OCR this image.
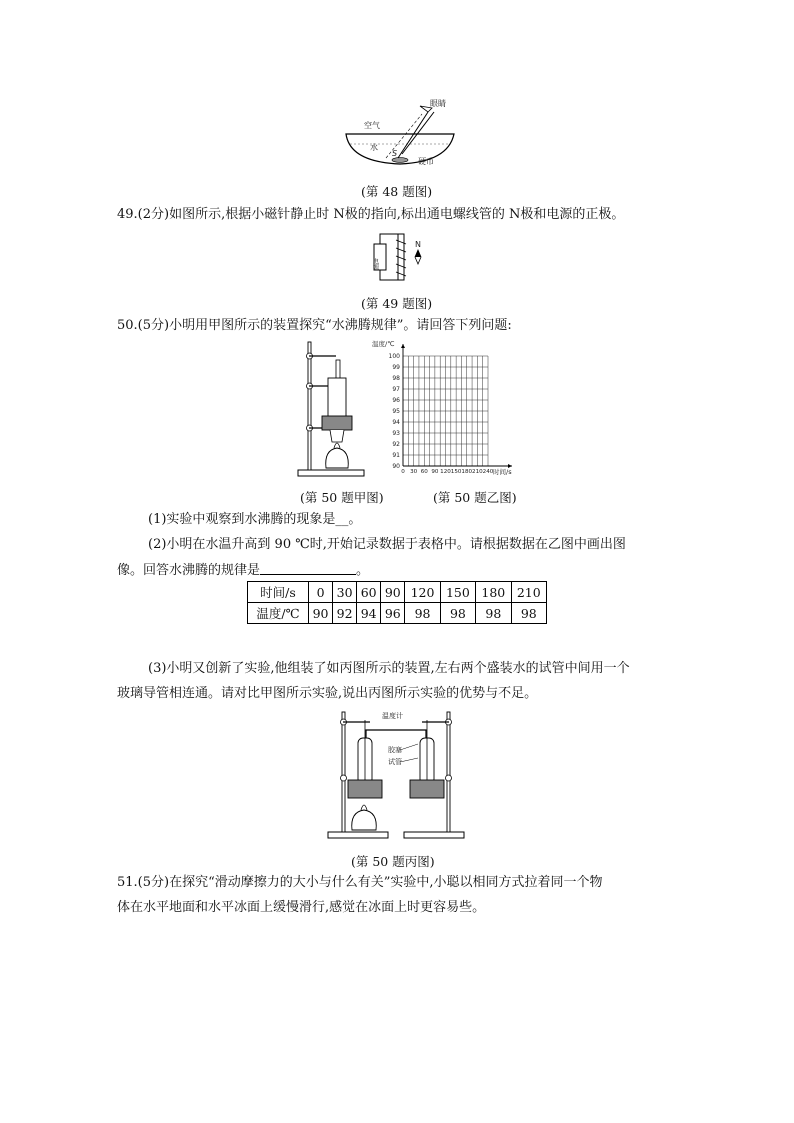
眼睛
空气
水
S
硬币
(第 48 题图)
49.(2分)如图所示,根据小磁针静止时 N极的指向,标出通电螺线管的 N极和电源的正极。
电源
N
(第 49 题图)
50.(5分)小明用甲图所示的装置探究“水沸腾规律”。请回答下列问题:
90
91
92
93
94
95
96
97
98
99
100
0 30 60 90 120 150 180 210 240
温度/℃
时间/s
(第 50 题甲图)	(第 50 题乙图)
(1)实验中观察到水沸腾的现象是__。
(2)小明在水温升高到 90 ℃时,开始记录数据于表格中。请根据数据在乙图中画出图
像。回答水沸腾的规律是	。
时间/s	0	30	60	90	120	150	180	210
温度/℃	90	92	94	96	98	98	98	98
(3)小明又创新了实验,他组装了如丙图所示的装置,左右两个盛装水的试管中间用一个
玻璃导管相连通。请对比甲图所示实验,说出丙图所示实验的优势与不足。
温度计
胶塞
试管
(第 50 题丙图)
51.(5分)在探究“滑动摩擦力的大小与什么有关”实验中,小聪以相同方式拉着同一个物
体在水平地面和水平冰面上缓慢滑行,感觉在冰面上时更容易些。
